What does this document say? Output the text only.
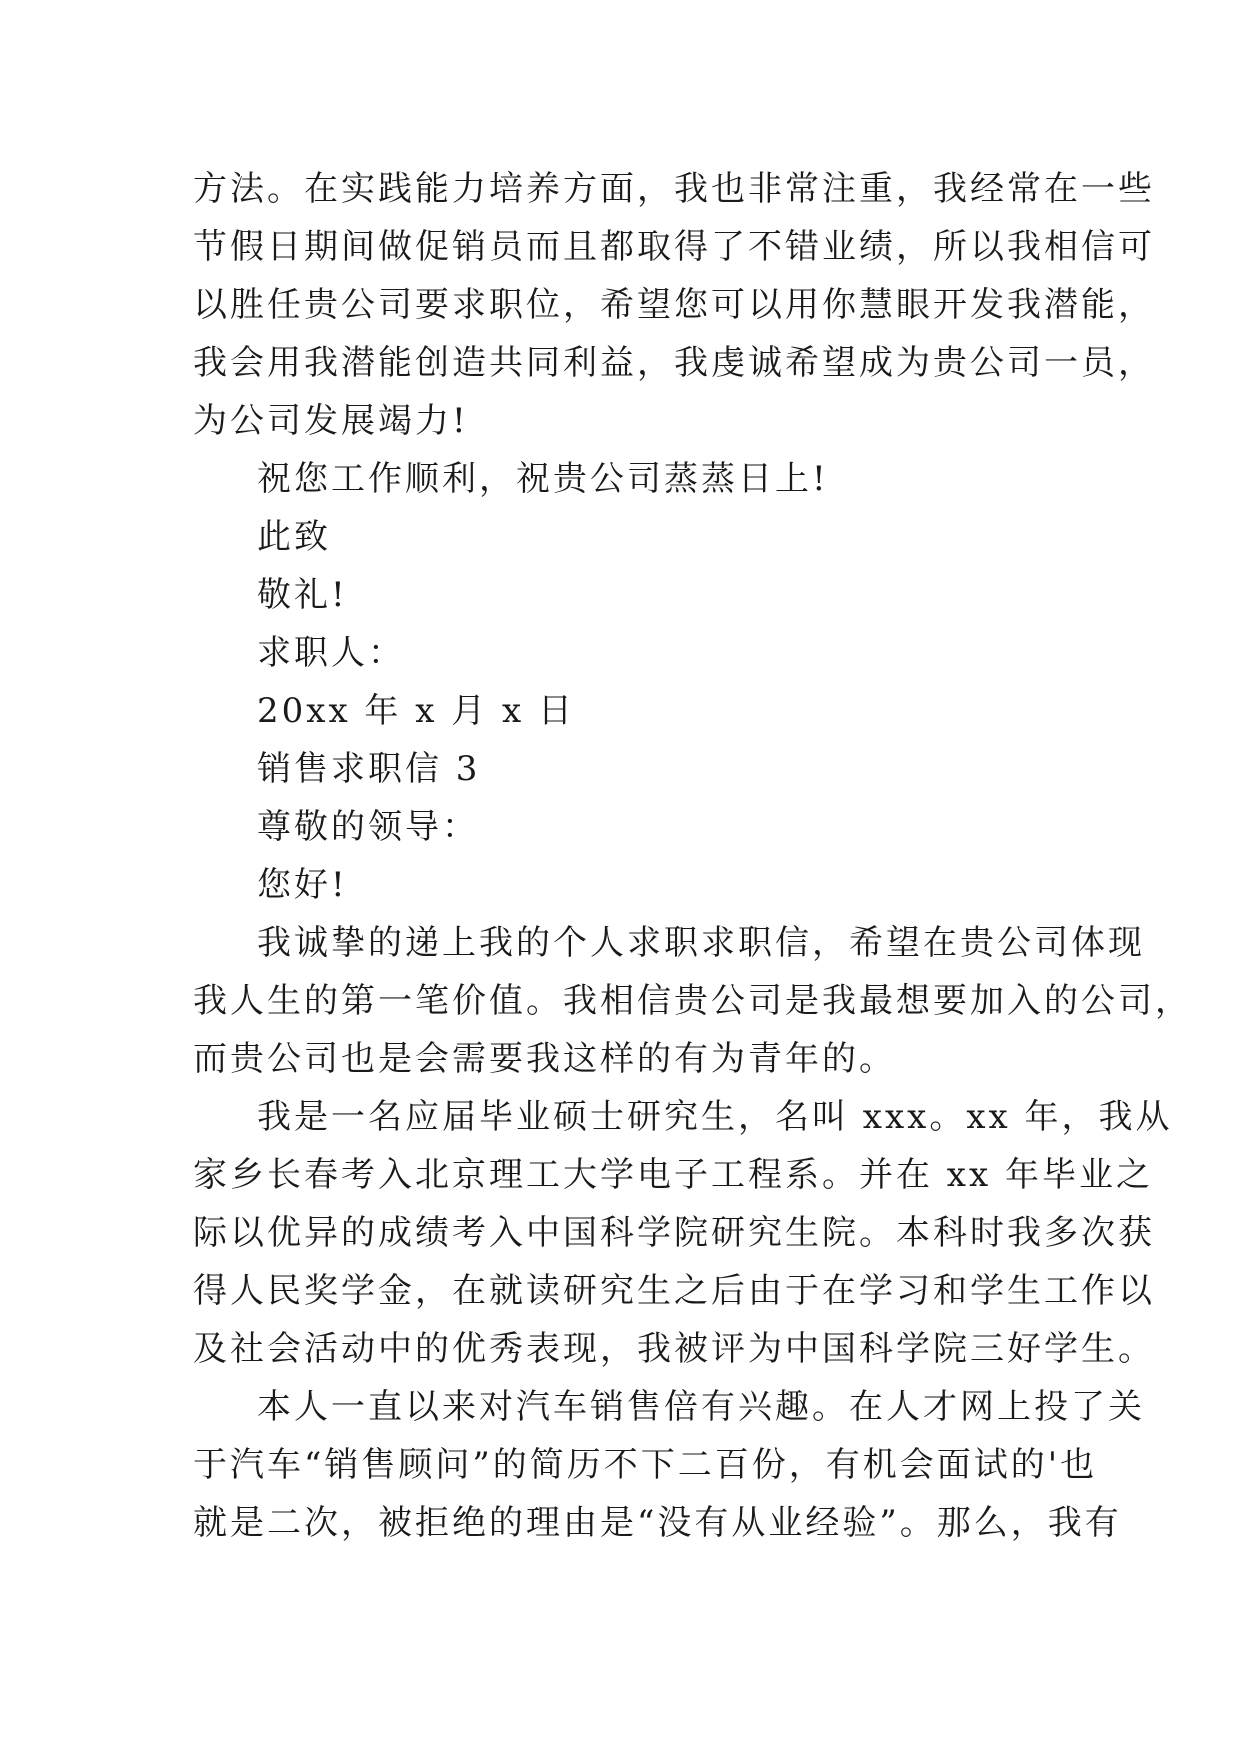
方法。在实践能力培养方面，我也非常注重，我经常在一些
节假日期间做促销员而且都取得了不错业绩，所以我相信可
以胜任贵公司要求职位，希望您可以用你慧眼开发我潜能，
我会用我潜能创造共同利益，我虔诚希望成为贵公司一员，
为公司发展竭力!
祝您工作顺利，祝贵公司蒸蒸日上!
此致
敬礼!
求职人：
20xx 年 x 月 x 日
销售求职信 3
尊敬的领导：
您好!
我诚挚的递上我的个人求职求职信，希望在贵公司体现
我人生的第一笔价值。我相信贵公司是我最想要加入的公司，
而贵公司也是会需要我这样的有为青年的。
我是一名应届毕业硕士研究生，名叫 xxx。xx 年，我从
家乡长春考入北京理工大学电子工程系。并在 xx 年毕业之
际以优异的成绩考入中国科学院研究生院。本科时我多次获
得人民奖学金，在就读研究生之后由于在学习和学生工作以
及社会活动中的优秀表现，我被评为中国科学院三好学生。
本人一直以来对汽车销售倍有兴趣。在人才网上投了关
于汽车“销售顾问”的简历不下二百份，有机会面试的'也
就是二次，被拒绝的理由是“没有从业经验”。那么，我有
